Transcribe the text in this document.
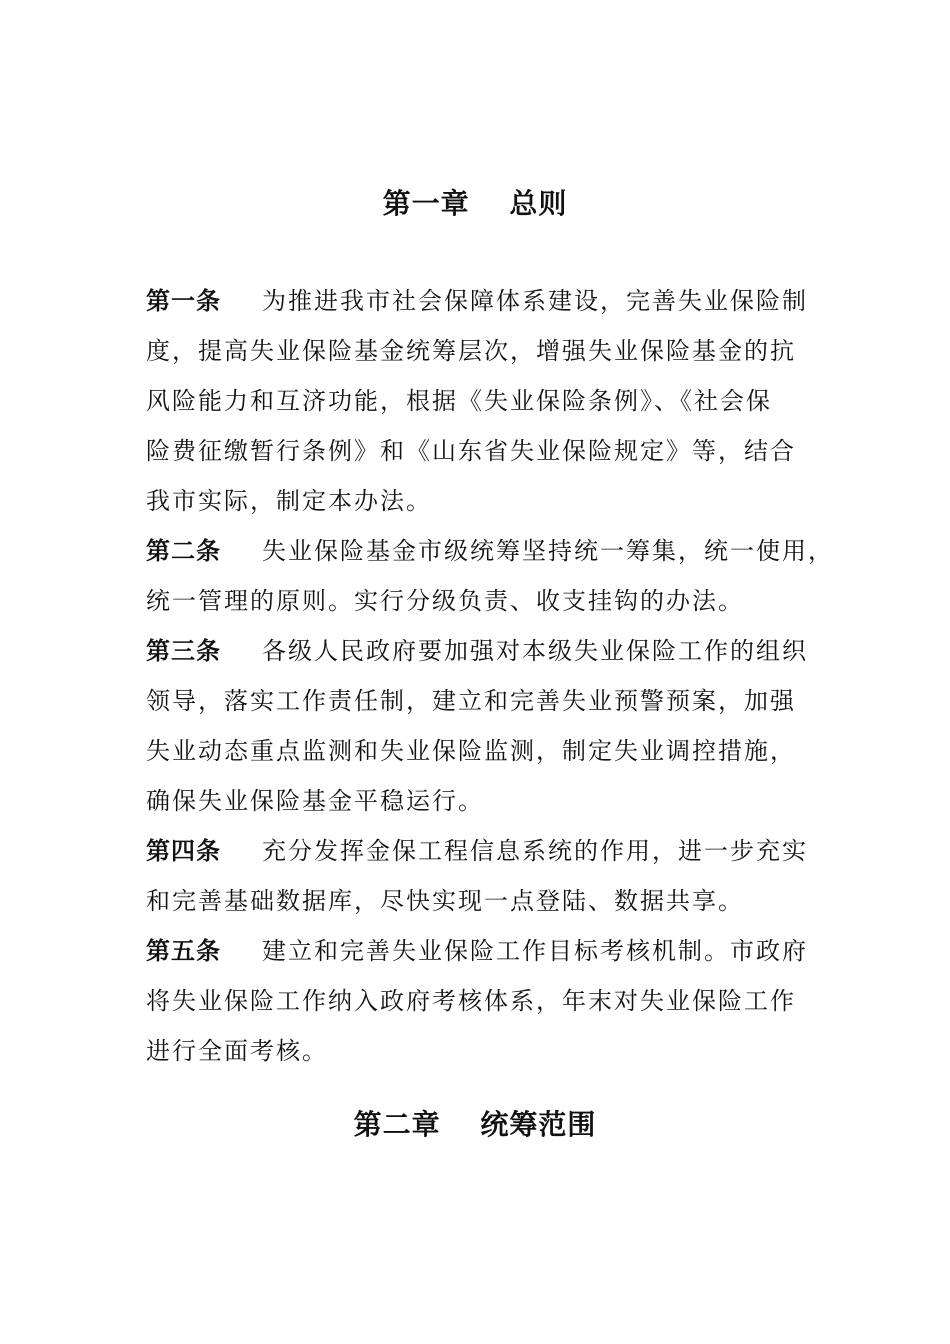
第一章　 总则
第一条 为推进我市社会保障体系建设，完善失业保险制
度，提高失业保险基金统筹层次，增强失业保险基金的抗
风险能力和互济功能，根据《失业保险条例》、《社会保
险费征缴暂行条例》和《山东省失业保险规定》等，结合
我市实际，制定本办法。
第二条 失业保险基金市级统筹坚持统一筹集，统一使用，
统一管理的原则。实行分级负责、收支挂钩的办法。
第三条 各级人民政府要加强对本级失业保险工作的组织
领导，落实工作责任制，建立和完善失业预警预案，加强
失业动态重点监测和失业保险监测，制定失业调控措施，
确保失业保险基金平稳运行。
第四条 充分发挥金保工程信息系统的作用，进一步充实
和完善基础数据库，尽快实现一点登陆、数据共享。
第五条 建立和完善失业保险工作目标考核机制。市政府
将失业保险工作纳入政府考核体系，年末对失业保险工作
进行全面考核。
第二章　 统筹范围
